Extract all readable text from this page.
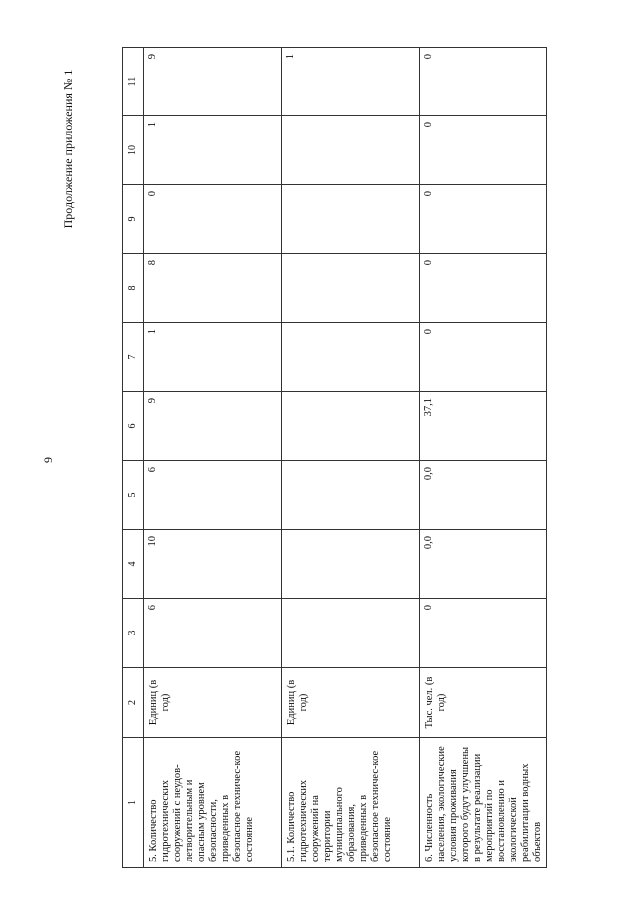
9
Продолжение приложения № 1
1	2	3	4	5	6	7	8	9	10	11
5. Количество гидротехнических сооружений с неудов-летворительным и опасным уровнем безопасности, приведенных в безопасное техничес-кое состояние	Единиц (в год)	6	10	6	9	1	8	0	1	9
5.1. Количество гидротехнических сооружений на территории муниципального образования, приведенных в безопасное техничес-кое состояние	Единиц (в год)									1
6. Численность населения, экологические условия проживания которого будут улучшены в результате реализации мероприятий по восстановлению и экологической реабилитации водных объектов	Тыс. чел. (в год)	0	0,0	0,0	37,1	0	0	0	0	0
